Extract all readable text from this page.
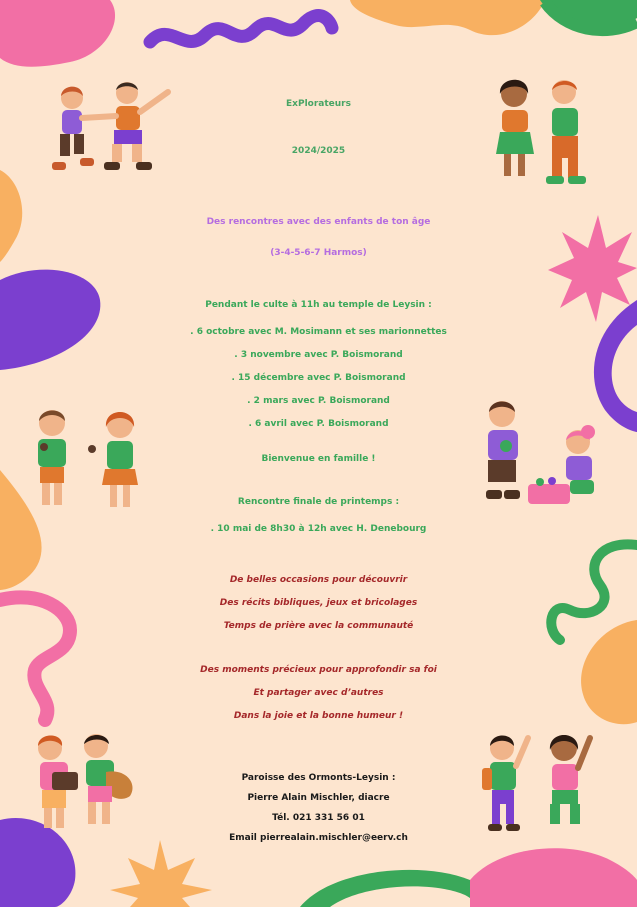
ExPlorateurs
2024/2025
Des rencontres avec des enfants de ton âge
(3-4-5-6-7 Harmos)
Pendant le culte à 11h au temple de Leysin :
. 6 octobre avec M. Mosimann et ses marionnettes
. 3 novembre avec P. Boismorand
. 15 décembre avec P. Boismorand
. 2 mars avec P. Boismorand
. 6 avril avec P. Boismorand
Bienvenue en famille !
Rencontre finale de printemps :
. 10 mai de 8h30 à 12h avec H. Denebourg
De belles occasions pour découvrir
Des récits bibliques, jeux et bricolages
Temps de prière avec la communauté
Des moments précieux pour approfondir sa foi
Et partager avec d’autres
Dans la joie et la bonne humeur !
Paroisse des Ormonts-Leysin :
Pierre Alain Mischler, diacre
Tél. 021 331 56 01
Email pierrealain.mischler@eerv.ch
